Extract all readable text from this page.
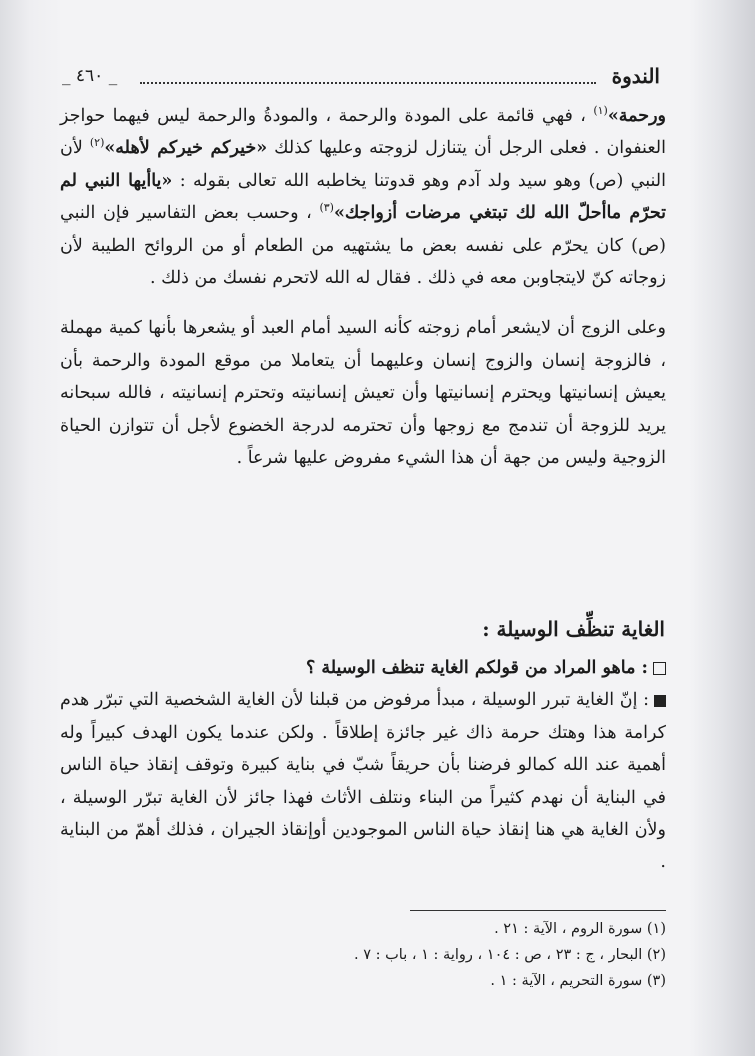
الندوة
_ ٤٦٠ _

ورحمة»$^{(١)}$ ، فهي قائمة على المودة والرحمة ، والمودةُ والرحمة ليس فيهما حواجز العنفوان . فعلى الرجل أن يتنازل لزوجته وعليها كذلك «خيركم خيركم لأهله»$^{(٢)}$ لأن النبي (ص) وهو سيد ولد آدم وهو قدوتنا يخاطبه الله تعالى بقوله : «ياأيها النبي لم تحرّم ماأحلّ الله لك تبتغي مرضات أزواجك»$^{(٣)}$ ، وحسب بعض التفاسير فإن النبي (ص) كان يحرّم على نفسه بعض ما يشتهيه من الطعام أو من الروائح الطيبة لأن زوجاته كنّ لايتجاوبن معه في ذلك . فقال له الله لاتحرم نفسك من ذلك .

وعلى الزوج أن لايشعر أمام زوجته كأنه السيد أمام العبد أو يشعرها بأنها كمية مهملة ، فالزوجة إنسان والزوج إنسان وعليهما أن يتعاملا من موقع المودة والرحمة بأن يعيش إنسانيتها ويحترم إنسانيتها وأن تعيش إنسانيته وتحترم إنسانيته ، فالله سبحانه يريد للزوجة أن تندمج مع زوجها وأن تحترمه لدرجة الخضوع لأجل أن تتوازن الحياة الزوجية وليس من جهة أن هذا الشيء مفروض عليها شرعاً .

الغاية تنظِّف الوسيلة :

: ماهو المراد من قولكم الغاية تنظف الوسيلة ؟

: إنّ الغاية تبرر الوسيلة ، مبدأ مرفوض من قبلنا لأن الغاية الشخصية التي تبرّر هدم كرامة هذا وهتك حرمة ذاك غير جائزة إطلاقاً . ولكن عندما يكون الهدف كبيراً وله أهمية عند الله كمالو فرضنا بأن حريقاً شبّ في بناية كبيرة وتوقف إنقاذ حياة الناس في البناية أن نهدم كثيراً من البناء ونتلف الأثاث فهذا جائز لأن الغاية تبرّر الوسيلة ، ولأن الغاية هي هنا إنقاذ حياة الناس الموجودين أوإنقاذ الجيران ، فذلك أهمّ من البناية .

(١) سورة الروم ، الآية : ٢١ .
(٢) البحار ، ج : ٢٣ ، ص : ١٠٤ ، رواية : ١ ، باب : ٧ .
(٣) سورة التحريم ، الآية : ١ .
